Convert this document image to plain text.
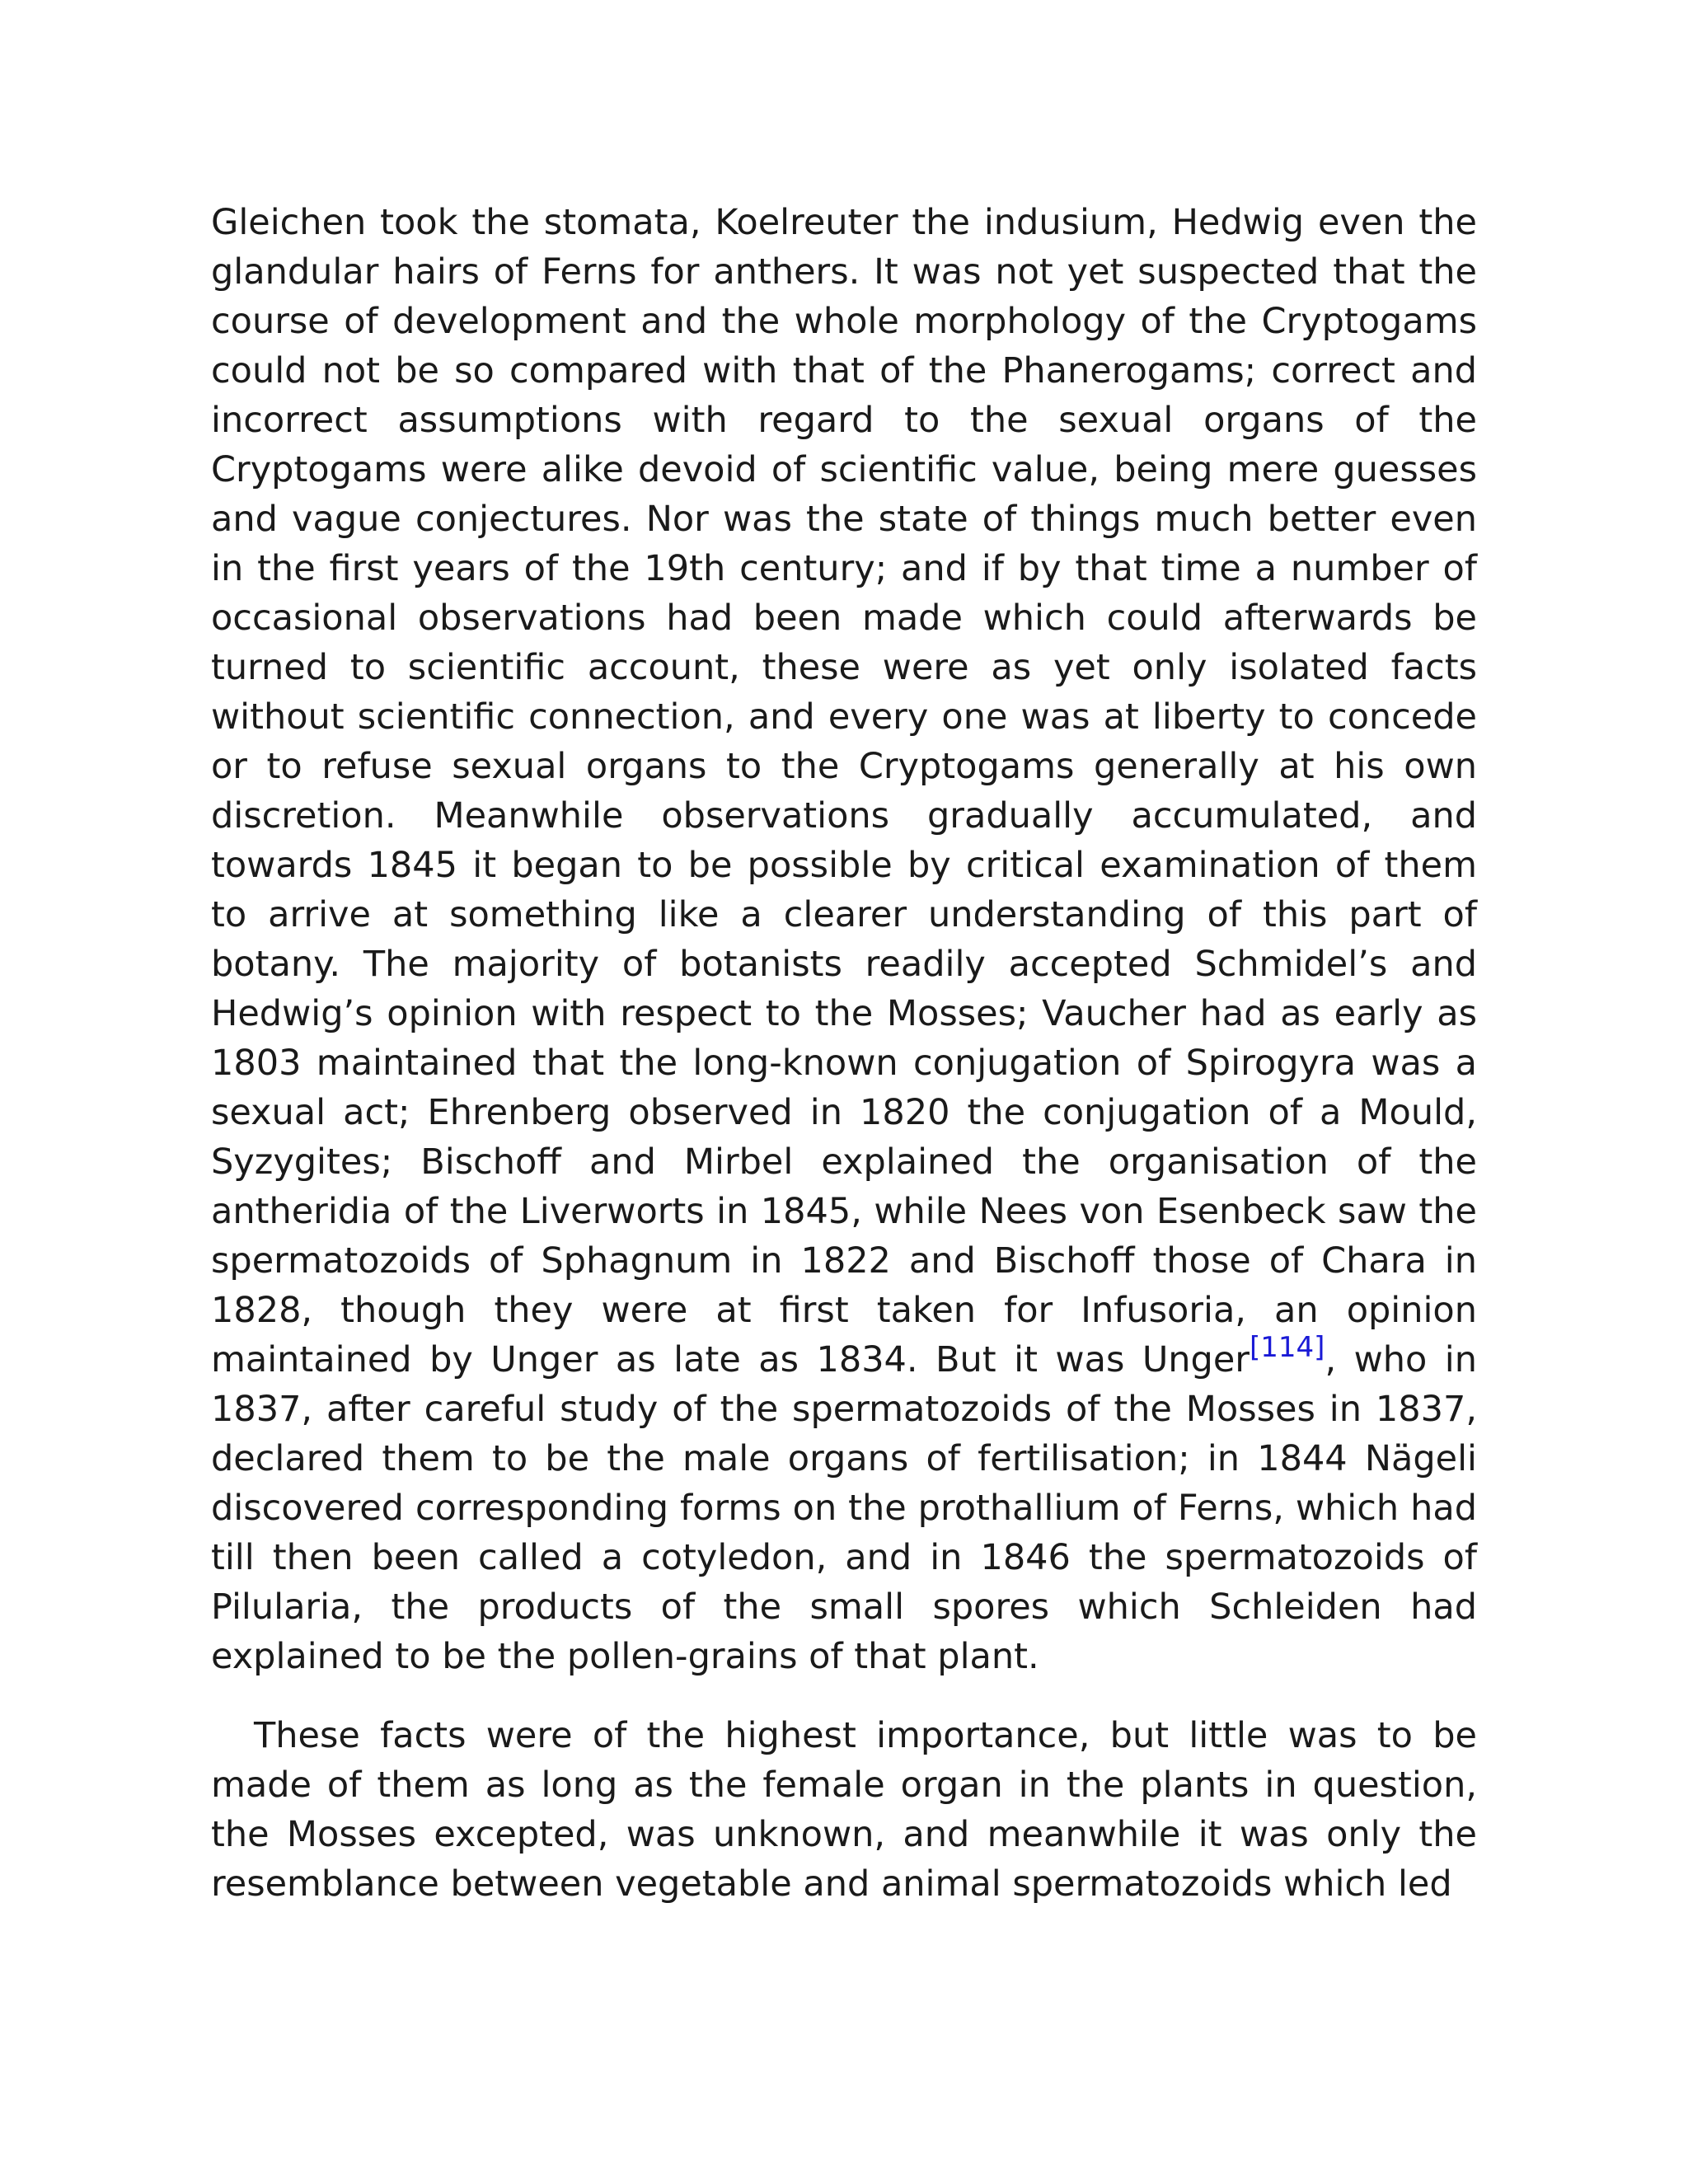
Gleichen took the stomata, Koelreuter the indusium, Hedwig even the glandular hairs of Ferns for anthers. It was not yet suspected that the course of development and the whole morphology of the Cryptogams could not be so compared with that of the Phanerogams; correct and incorrect assumptions with regard to the sexual organs of the Cryptogams were alike devoid of scientific value, being mere guesses and vague conjectures. Nor was the state of things much better even in the first years of the 19th century; and if by that time a number of occasional observations had been made which could afterwards be turned to scientific account, these were as yet only isolated facts without scientific connection, and every one was at liberty to concede or to refuse sexual organs to the Cryptogams generally at his own discretion. Meanwhile observations gradually accumulated, and towards 1845 it began to be possible by critical examination of them to arrive at something like a clearer understanding of this part of botany. The majority of botanists readily accepted Schmidel’s and Hedwig’s opinion with respect to the Mosses; Vaucher had as early as 1803 maintained that the long-known conjugation of Spirogyra was a sexual act; Ehrenberg observed in 1820 the conjugation of a Mould, Syzygites; Bischoff and Mirbel explained the organisation of the antheridia of the Liverworts in 1845, while Nees von Esenbeck saw the spermatozoids of Sphagnum in 1822 and Bischoff those of Chara in 1828, though they were at first taken for Infusoria, an opinion maintained by Unger as late as 1834. But it was Unger[114], who in 1837, after careful study of the spermatozoids of the Mosses in 1837, declared them to be the male organs of fertilisation; in 1844 Nägeli discovered corresponding forms on the prothallium of Ferns, which had till then been called a cotyledon, and in 1846 the spermatozoids of Pilularia, the products of the small spores which Schleiden had explained to be the pollen-grains of that plant.

These facts were of the highest importance, but little was to be made of them as long as the female organ in the plants in question, the Mosses excepted, was unknown, and meanwhile it was only the resemblance between vegetable and animal spermatozoids which led
